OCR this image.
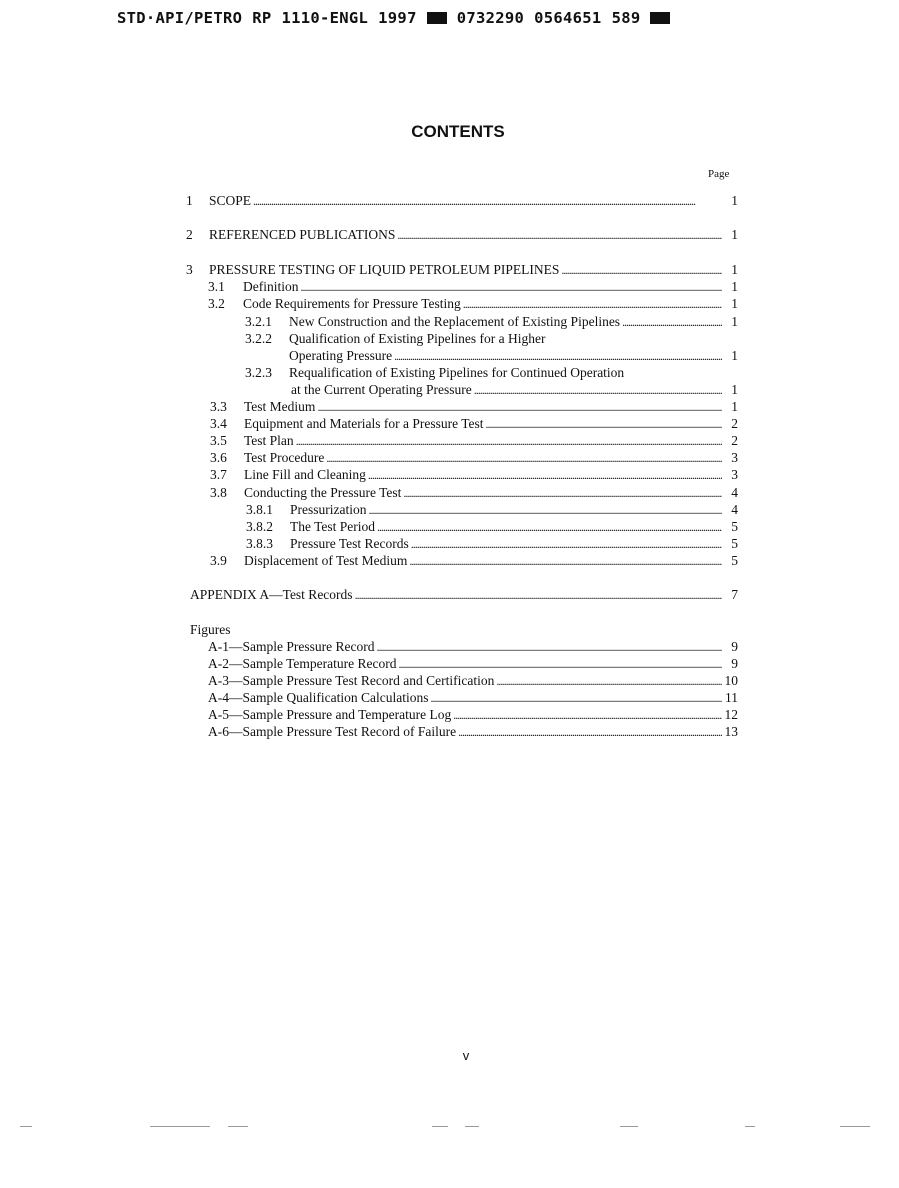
STD·API/PETRO RP 1110-ENGL 1997	0732290 0564651 589
CONTENTS
Page
1 SCOPE . . .	1
2 REFERENCED PUBLICATIONS . . .	1
3 PRESSURE TESTING OF LIQUID PETROLEUM PIPELINES . . .	1
3.1 Definition . . .	1
3.2 Code Requirements for Pressure Testing . . .	1
3.2.1 New Construction and the Replacement of Existing Pipelines . . .	1
3.2.2 Qualification of Existing Pipelines for a Higher
Operating Pressure . . .	1
3.2.3 Requalification of Existing Pipelines for Continued Operation
at the Current Operating Pressure . . .	1
3.3 Test Medium . . .	1
3.4 Equipment and Materials for a Pressure Test . . .	2
3.5 Test Plan . . .	2
3.6 Test Procedure . . .	3
3.7 Line Fill and Cleaning . . .	3
3.8 Conducting the Pressure Test . . .	4
3.8.1 Pressurization . . .	4
3.8.2 The Test Period . . .	5
3.8.3 Pressure Test Records . . .	5
3.9 Displacement of Test Medium . . .	5
APPENDIX A—Test Records . . .	7
Figures
A-1—Sample Pressure Record . . .	9
A-2—Sample Temperature Record . . .	9
A-3—Sample Pressure Test Record and Certification . . .	10
A-4—Sample Qualification Calculations . . .	11
A-5—Sample Pressure and Temperature Log . . .	12
A-6—Sample Pressure Test Record of Failure . . .	13
v
